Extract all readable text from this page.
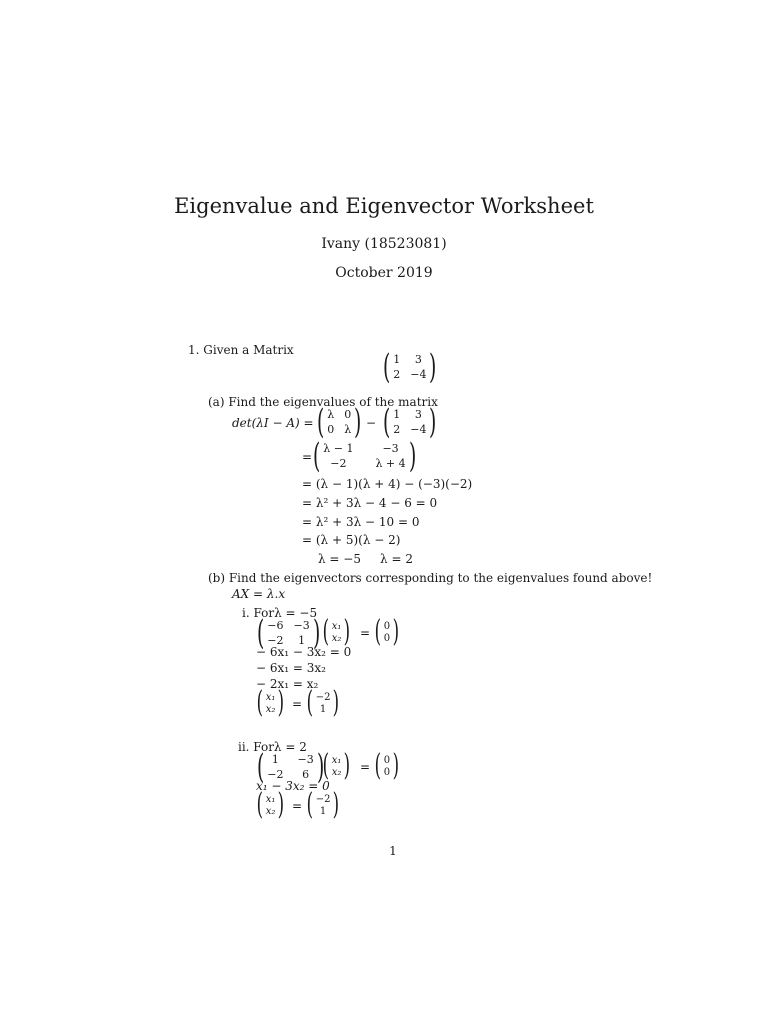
Eigenvalue and Eigenvector Worksheet
Ivany (18523081)
October 2019
1. Given a Matrix	( 1	3
2 −4 )
(a) Find the eigenvalues of the matrix
det(λI − A) = ( λ 0
0 λ ) − ( 1	3
2 −4 )
= ( λ − 1	−3
−2	λ + 4 )
= (λ − 1)(λ + 4) − (−3)(−2)
= λ² + 3λ − 4 − 6 = 0
= λ² + 3λ − 10 = 0
= (λ + 5)(λ − 2)
λ = −5     λ = 2
(b) Find the eigenvectors corresponding to the eigenvalues found above!
AX = λ.x
i. Forλ = −5
( −6 −3
−2	1 ) ( x₁
x₂ ) = ( 0
0 )
− 6x₁ − 3x₂ = 0
− 6x₁ = 3x₂
− 2x₁ = x₂
( x₁
x₂ ) = ( −2
1 )
ii. Forλ = 2
( 1	−3
−2	6 )
( x₁
x₂ ) = ( 0
0 )
x₁ − 3x₂ = 0
( x₁
x₂ ) = ( −2
1 )
1
